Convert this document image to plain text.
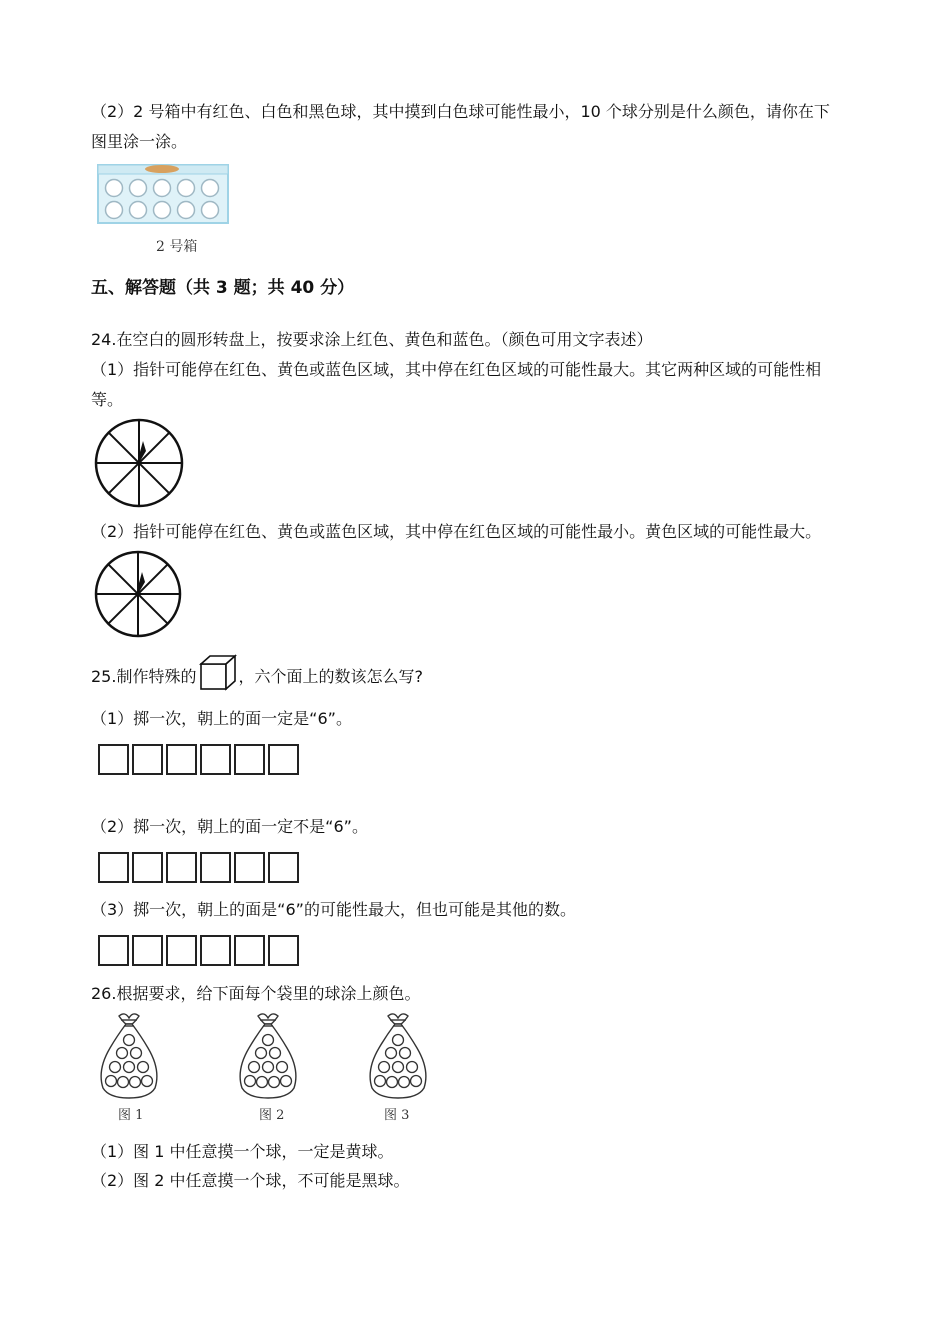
（2）2 号箱中有红色、白色和黑色球，其中摸到白色球可能性最小，10 个球分别是什么颜色，请你在下
图里涂一涂。
2 号箱
五、解答题（共 3 题；共 40 分）
24.在空白的圆形转盘上，按要求涂上红色、黄色和蓝色。（颜色可用文字表述）
（1）指针可能停在红色、黄色或蓝色区域，其中停在红色区域的可能性最大。其它两种区域的可能性相
等。
（2）指针可能停在红色、黄色或蓝色区域，其中停在红色区域的可能性最小。黄色区域的可能性最大。
25.制作特殊的	，六个面上的数该怎么写?
（1）掷一次，朝上的面一定是“6”。
（2）掷一次，朝上的面一定不是“6”。
（3）掷一次，朝上的面是“6”的可能性最大，但也可能是其他的数。
26.根据要求，给下面每个袋里的球涂上颜色。
图 1	图 2	图 3
（1）图 1 中任意摸一个球，一定是黄球。
（2）图 2 中任意摸一个球，不可能是黑球。
